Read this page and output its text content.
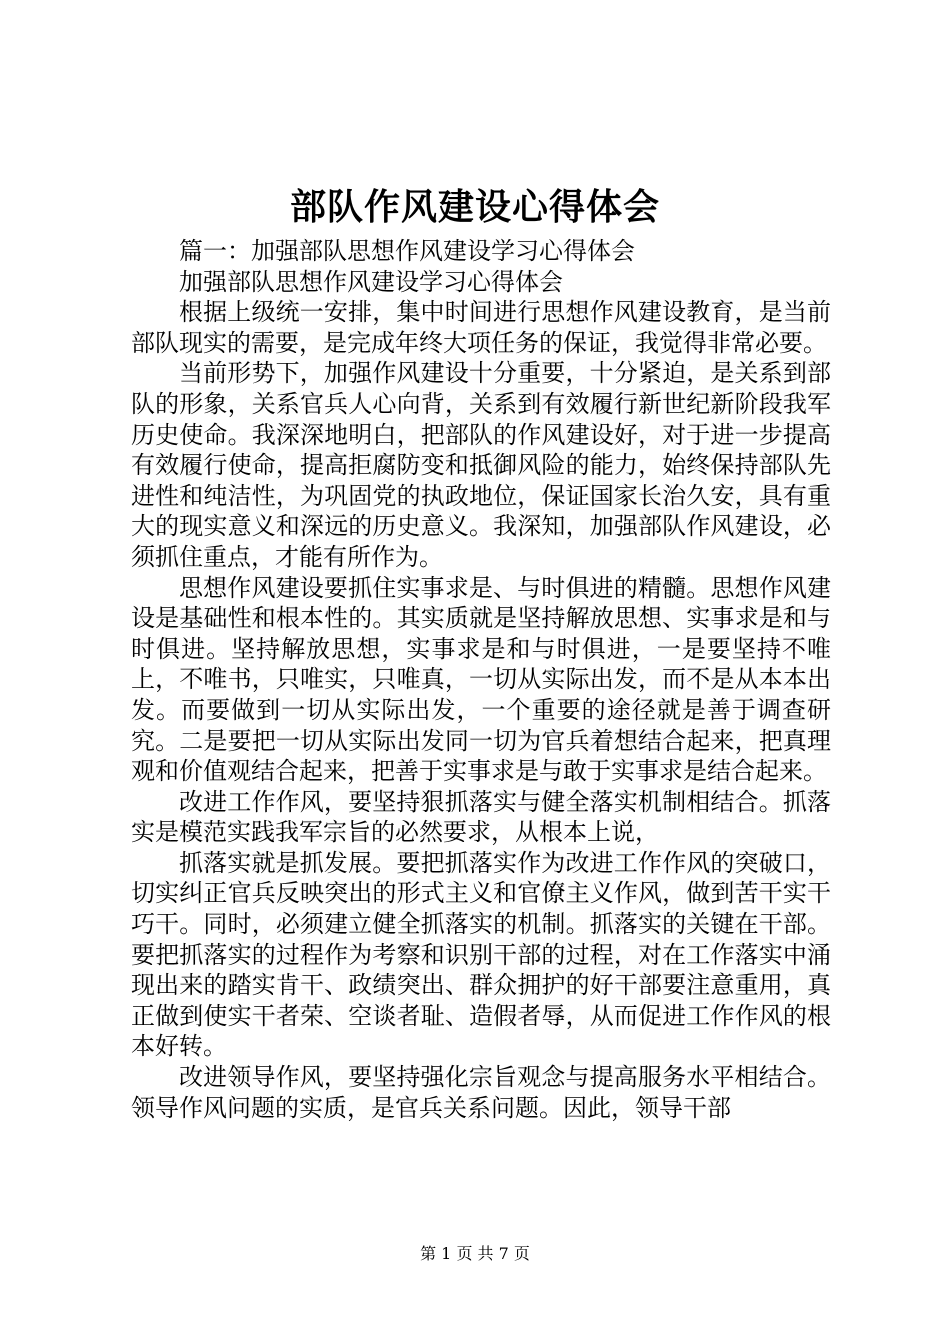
部队作风建设心得体会

篇一：加强部队思想作风建设学习心得体会

加强部队思想作风建设学习心得体会

根据上级统一安排，集中时间进行思想作风建设教育，是当前部队现实的需要，是完成年终大项任务的保证，我觉得非常必要。

当前形势下，加强作风建设十分重要，十分紧迫，是关系到部队的形象，关系官兵人心向背，关系到有效履行新世纪新阶段我军历史使命。我深深地明白，把部队的作风建设好，对于进一步提高有效履行使命，提高拒腐防变和抵御风险的能力，始终保持部队先进性和纯洁性，为巩固党的执政地位，保证国家长治久安，具有重大的现实意义和深远的历史意义。我深知，加强部队作风建设，必须抓住重点，才能有所作为。

思想作风建设要抓住实事求是、与时俱进的精髓。思想作风建设是基础性和根本性的。其实质就是坚持解放思想、实事求是和与时俱进。坚持解放思想，实事求是和与时俱进，一是要坚持不唯上，不唯书，只唯实，只唯真，一切从实际出发，而不是从本本出发。而要做到一切从实际出发，一个重要的途径就是善于调查研究。二是要把一切从实际出发同一切为官兵着想结合起来，把真理观和价值观结合起来，把善于实事求是与敢于实事求是结合起来。

改进工作作风，要坚持狠抓落实与健全落实机制相结合。抓落实是模范实践我军宗旨的必然要求，从根本上说，

抓落实就是抓发展。要把抓落实作为改进工作作风的突破口，切实纠正官兵反映突出的形式主义和官僚主义作风，做到苦干实干巧干。同时，必须建立健全抓落实的机制。抓落实的关键在干部。要把抓落实的过程作为考察和识别干部的过程，对在工作落实中涌现出来的踏实肯干、政绩突出、群众拥护的好干部要注意重用，真正做到使实干者荣、空谈者耻、造假者辱，从而促进工作作风的根本好转。

改进领导作风，要坚持强化宗旨观念与提高服务水平相结合。领导作风问题的实质，是官兵关系问题。因此，领导干部

第 1 页 共 7 页
